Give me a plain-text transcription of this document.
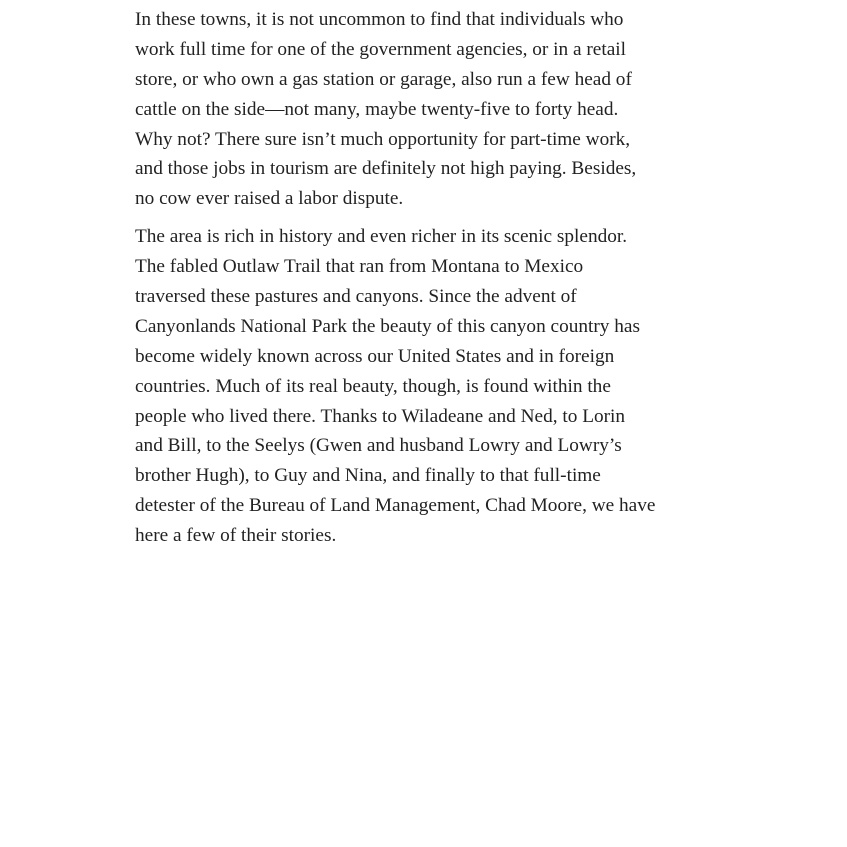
In these towns, it is not uncommon to find that individuals who
work full time for one of the government agencies, or in a retail
store, or who own a gas station or garage, also run a few head of
cattle on the side—not many, maybe twenty-five to forty head.
Why not? There sure isn’t much opportunity for part-time work,
and those jobs in tourism are definitely not high paying. Besides,
no cow ever raised a labor dispute.
The area is rich in history and even richer in its scenic splendor.
The fabled Outlaw Trail that ran from Montana to Mexico
traversed these pastures and canyons. Since the advent of
Canyonlands National Park the beauty of this canyon country has
become widely known across our United States and in foreign
countries. Much of its real beauty, though, is found within the
people who lived there. Thanks to Wiladeane and Ned, to Lorin
and Bill, to the Seelys (Gwen and husband Lowry and Lowry’s
brother Hugh), to Guy and Nina, and finally to that full-time
detester of the Bureau of Land Management, Chad Moore, we have
here a few of their stories.
